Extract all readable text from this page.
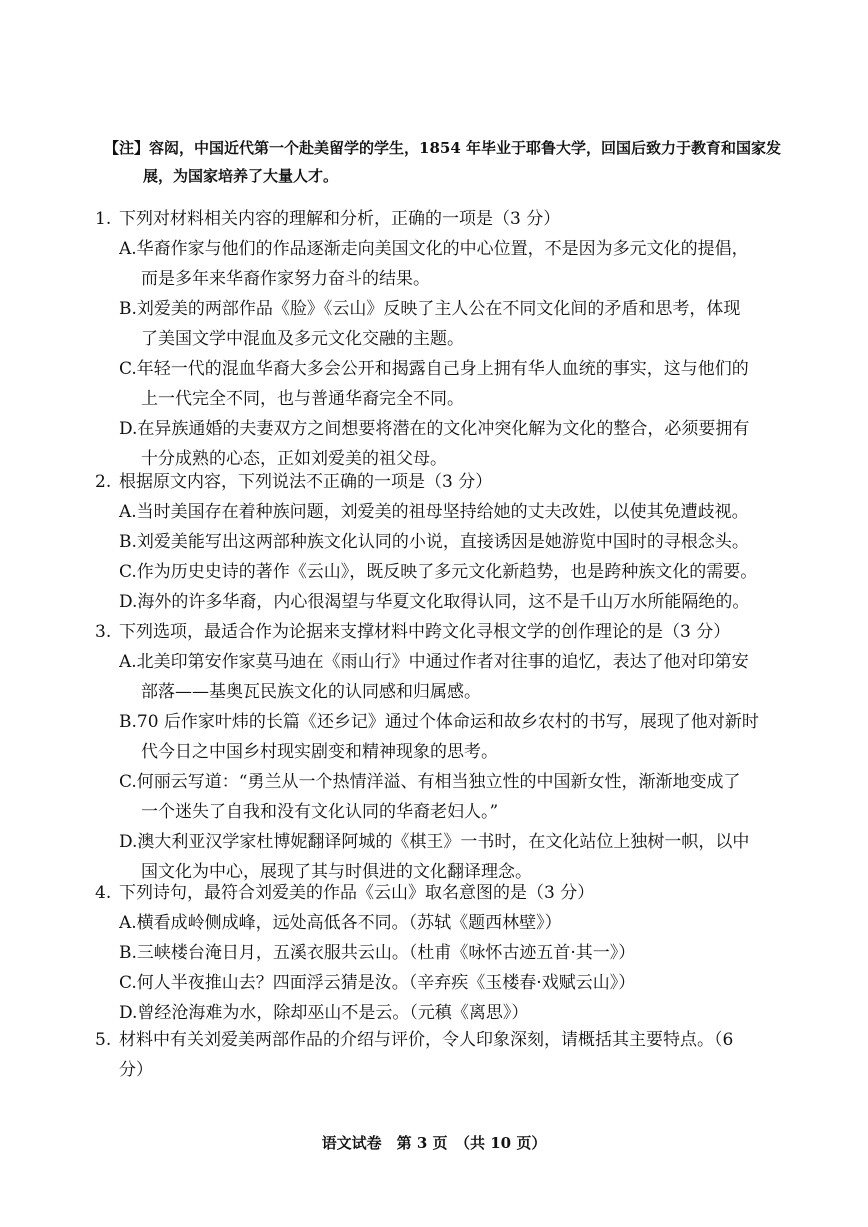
【注】容闳，中国近代第一个赴美留学的学生，1854 年毕业于耶鲁大学，回国后致力于教育和国家发
展，为国家培养了大量人才。
1. 下列对材料相关内容的理解和分析，正确的一项是（3 分）
A.华裔作家与他们的作品逐渐走向美国文化的中心位置，不是因为多元文化的提倡，
而是多年来华裔作家努力奋斗的结果。
B.刘爱美的两部作品《脸》《云山》反映了主人公在不同文化间的矛盾和思考，体现
了美国文学中混血及多元文化交融的主题。
C.年轻一代的混血华裔大多会公开和揭露自己身上拥有华人血统的事实，这与他们的
上一代完全不同，也与普通华裔完全不同。
D.在异族通婚的夫妻双方之间想要将潜在的文化冲突化解为文化的整合，必须要拥有
十分成熟的心态，正如刘爱美的祖父母。
2. 根据原文内容，下列说法不正确的一项是（3 分）
A.当时美国存在着种族问题，刘爱美的祖母坚持给她的丈夫改姓，以使其免遭歧视。
B.刘爱美能写出这两部种族文化认同的小说，直接诱因是她游览中国时的寻根念头。
C.作为历史史诗的著作《云山》，既反映了多元文化新趋势，也是跨种族文化的需要。
D.海外的许多华裔，内心很渴望与华夏文化取得认同，这不是千山万水所能隔绝的。
3. 下列选项，最适合作为论据来支撑材料中跨文化寻根文学的创作理论的是（3 分）
A.北美印第安作家莫马迪在《雨山行》中通过作者对往事的追忆，表达了他对印第安
部落——基奥瓦民族文化的认同感和归属感。
B.70 后作家叶炜的长篇《还乡记》通过个体命运和故乡农村的书写，展现了他对新时
代今日之中国乡村现实剧变和精神现象的思考。
C.何丽云写道：“勇兰从一个热情洋溢、有相当独立性的中国新女性，渐渐地变成了
一个迷失了自我和没有文化认同的华裔老妇人。”
D.澳大利亚汉学家杜博妮翻译阿城的《棋王》一书时，在文化站位上独树一帜，以中
国文化为中心，展现了其与时俱进的文化翻译理念。
4. 下列诗句，最符合刘爱美的作品《云山》取名意图的是（3 分）
A.横看成岭侧成峰，远处高低各不同。（苏轼《题西林壁》）
B.三峡楼台淹日月，五溪衣服共云山。（杜甫《咏怀古迹五首·其一》）
C.何人半夜推山去？四面浮云猜是汝。（辛弃疾《玉楼春·戏赋云山》）
D.曾经沧海难为水，除却巫山不是云。（元稹《离思》）
5. 材料中有关刘爱美两部作品的介绍与评价，令人印象深刻，请概括其主要特点。（6
分）
语文试卷　第 3 页　（共 10 页）
